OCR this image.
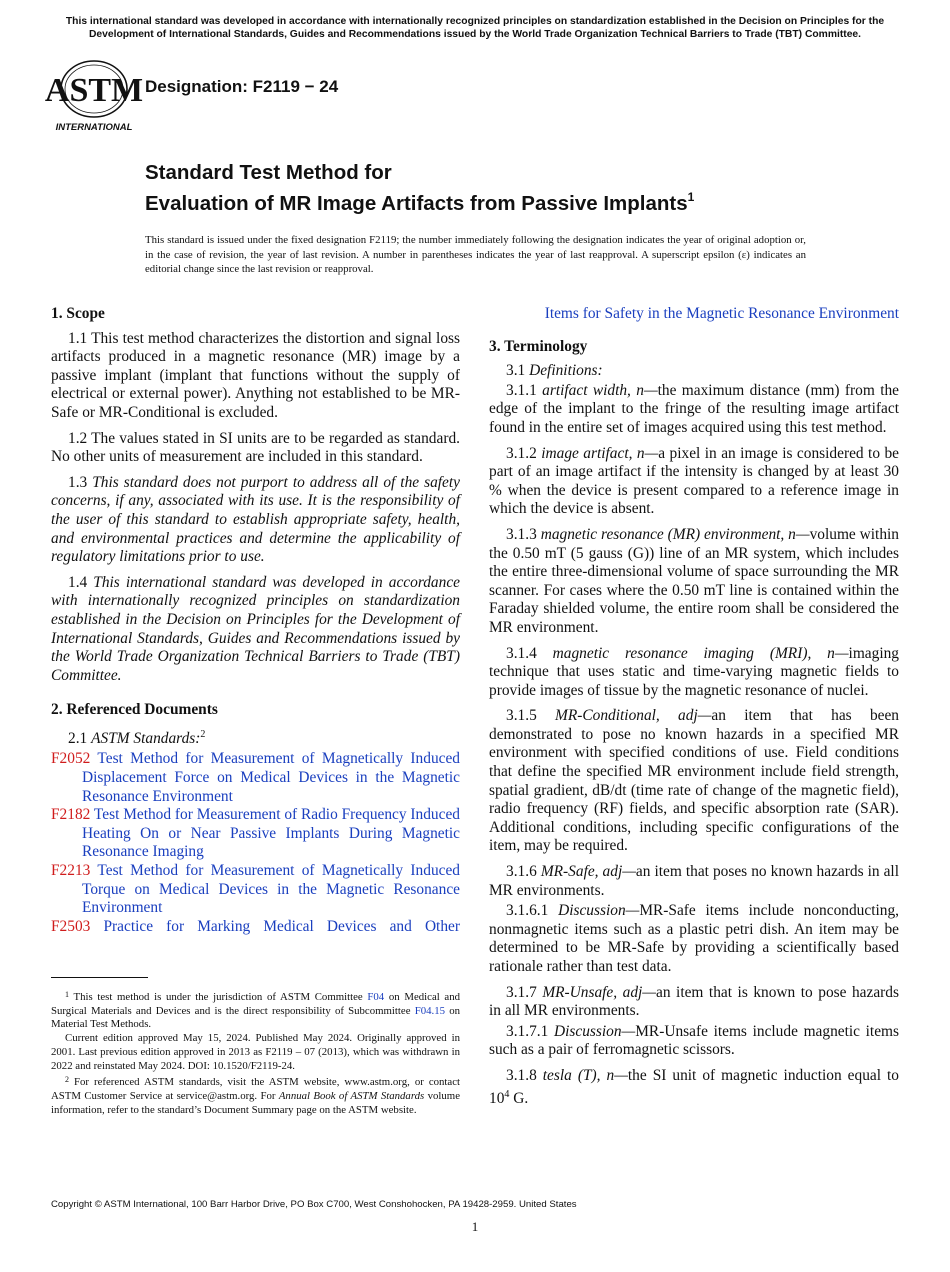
This international standard was developed in accordance with internationally recognized principles on standardization established in the Decision on Principles for the Development of International Standards, Guides and Recommendations issued by the World Trade Organization Technical Barriers to Trade (TBT) Committee.
ASTM
INTERNATIONAL
Designation: F2119 − 24
Standard Test Method for
Evaluation of MR Image Artifacts from Passive Implants$^1$
This standard is issued under the fixed designation F2119; the number immediately following the designation indicates the year of original adoption or, in the case of revision, the year of last revision. A number in parentheses indicates the year of last reapproval. A superscript epsilon (ε) indicates an editorial change since the last revision or reapproval.
1. Scope

1.1 This test method characterizes the distortion and signal loss artifacts produced in a magnetic resonance (MR) image by a passive implant (implant that functions without the supply of electrical or external power). Anything not established to be MR-Safe or MR-Conditional is excluded.

1.2 The values stated in SI units are to be regarded as standard. No other units of measurement are included in this standard.

1.3 This standard does not purport to address all of the safety concerns, if any, associated with its use. It is the responsibility of the user of this standard to establish appropriate safety, health, and environmental practices and determine the applicability of regulatory limitations prior to use.

1.4 This international standard was developed in accordance with internationally recognized principles on standardization established in the Decision on Principles for the Development of International Standards, Guides and Recommendations issued by the World Trade Organization Technical Barriers to Trade (TBT) Committee.

2. Referenced Documents

2.1 ASTM Standards:$^2$

F2052 Test Method for Measurement of Magnetically Induced Displacement Force on Medical Devices in the Magnetic Resonance Environment
F2182 Test Method for Measurement of Radio Frequency Induced Heating On or Near Passive Implants During Magnetic Resonance Imaging
F2213 Test Method for Measurement of Magnetically Induced Torque on Medical Devices in the Magnetic Resonance Environment
F2503 Practice for Marking Medical Devices and Other
Items for Safety in the Magnetic Resonance Environment
3. Terminology

3.1 Definitions:

3.1.1 artifact width, n—the maximum distance (mm) from the edge of the implant to the fringe of the resulting image artifact found in the entire set of images acquired using this test method.

3.1.2 image artifact, n—a pixel in an image is considered to be part of an image artifact if the intensity is changed by at least 30 % when the device is present compared to a reference image in which the device is absent.

3.1.3 magnetic resonance (MR) environment, n—volume within the 0.50 mT (5 gauss (G)) line of an MR system, which includes the entire three-dimensional volume of space surrounding the MR scanner. For cases where the 0.50 mT line is contained within the Faraday shielded volume, the entire room shall be considered the MR environment.

3.1.4 magnetic resonance imaging (MRI), n—imaging technique that uses static and time-varying magnetic fields to provide images of tissue by the magnetic resonance of nuclei.

3.1.5 MR-Conditional, adj—an item that has been demonstrated to pose no known hazards in a specified MR environment with specified conditions of use. Field conditions that define the specified MR environment include field strength, spatial gradient, dB/dt (time rate of change of the magnetic field), radio frequency (RF) fields, and specific absorption rate (SAR). Additional conditions, including specific configurations of the item, may be required.

3.1.6 MR-Safe, adj—an item that poses no known hazards in all MR environments.

3.1.6.1 Discussion—MR-Safe items include nonconducting, nonmagnetic items such as a plastic petri dish. An item may be determined to be MR-Safe by providing a scientifically based rationale rather than test data.

3.1.7 MR-Unsafe, adj—an item that is known to pose hazards in all MR environments.

3.1.7.1 Discussion—MR-Unsafe items include magnetic items such as a pair of ferromagnetic scissors.

3.1.8 tesla (T), n—the SI unit of magnetic induction equal to 10$^4$ G.

$^1$ This test method is under the jurisdiction of ASTM Committee F04 on Medical and Surgical Materials and Devices and is the direct responsibility of Subcommittee F04.15 on Material Test Methods.

Current edition approved May 15, 2024. Published May 2024. Originally approved in 2001. Last previous edition approved in 2013 as F2119 – 07 (2013), which was withdrawn in 2022 and reinstated May 2024. DOI: 10.1520/F2119-24.

$^2$ For referenced ASTM standards, visit the ASTM website, www.astm.org, or contact ASTM Customer Service at service@astm.org. For Annual Book of ASTM Standards volume information, refer to the standard’s Document Summary page on the ASTM website.

Copyright © ASTM International, 100 Barr Harbor Drive, PO Box C700, West Conshohocken, PA 19428-2959. United States
1
